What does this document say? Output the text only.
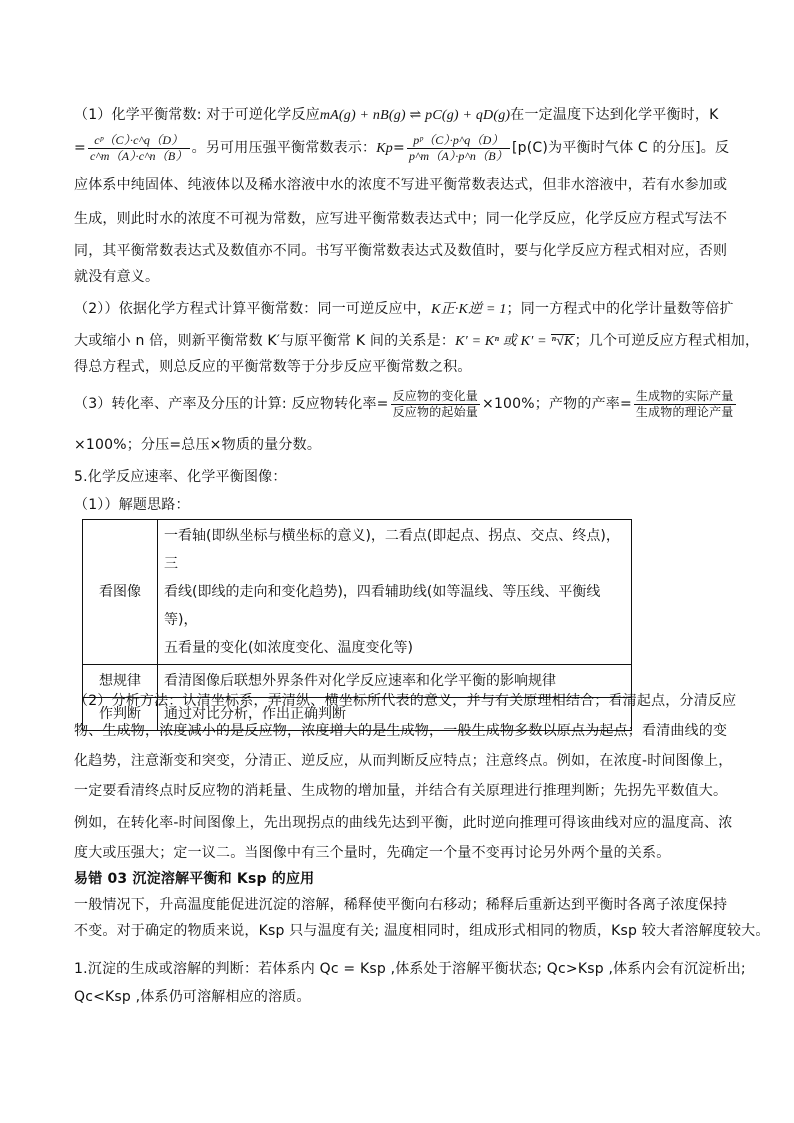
（1）化学平衡常数: 对于可逆化学反应mA(g) + nB(g) ⇌ pC(g) + qD(g)在一定温度下达到化学平衡时，K
= $\frac{\text{cᵖ（C）·c\textasciicircum{}q（D）}}{c\^{}m(A)\cdot c\^{}n(B)}$ 。另可用压强平衡常数表示：$Kp= \frac{\text{pᵖ（C）·p\textasciicircum{}q（D）}}{p\^{}m(A)\cdot p\^{}n(B)} [p(C)$为平衡时气体 C 的分压]。反
应体系中纯固体、纯液体以及稀水溶液中水的浓度不写进平衡常数表达式，但非水溶液中，若有水参加或
生成，则此时水的浓度不可视为常数，应写进平衡常数表达式中；同一化学反应，化学反应方程式写法不
同，其平衡常数表达式及数值亦不同。书写平衡常数表达式及数值时，要与化学反应方程式相对应，否则
就没有意义。
（2））依据化学方程式计算平衡常数：同一可逆反应中，K正·K逆 = 1；同一方程式中的化学计量数等倍扩
大或缩小 n 倍，则新平衡常数 K′与原平衡常 K 间的关系是：K′ = Kⁿ 或 K′ = ⁿ√K；几个可逆反应方程式相加，
得总方程式，则总反应的平衡常数等于分步反应平衡常数之积。
（3）转化率、产率及分压的计算: 反应物转化率= $\frac{\text{反应物的变化量}}{\text{反应物的起始量}} \times 100\%$；产物的产率= $\frac{\text{生成物的实际产量}}{\text{生成物的理论产量}}$
×100%；分压=总压×物质的量分数。
5.化学反应速率、化学平衡图像：
（1））解题思路：
看图像	一看轴(即纵坐标与横坐标的意义)，二看点(即起点、拐点、交点、终点)，三
看线(即线的走向和变化趋势)，四看辅助线(如等温线、等压线、平衡线等)，
五看量的变化(如浓度变化、温度变化等)

想规律	看清图像后联想外界条件对化学反应速率和化学平衡的影响规律
作判断	通过对比分析，作出正确判断
（2）分析方法：认清坐标系，弄清纵、横坐标所代表的意义，并与有关原理相结合；看清起点，分清反应
物、生成物，浓度减小的是反应物，浓度增大的是生成物，一般生成物多数以原点为起点；看清曲线的变
化趋势，注意渐变和突变，分清正、逆反应，从而判断反应特点；注意终点。例如，在浓度-时间图像上，
一定要看清终点时反应物的消耗量、生成物的增加量，并结合有关原理进行推理判断；先拐先平数值大。
例如，在转化率-时间图像上，先出现拐点的曲线先达到平衡，此时逆向推理可得该曲线对应的温度高、浓
度大或压强大；定一议二。当图像中有三个量时，先确定一个量不变再讨论另外两个量的关系。
易错 03 沉淀溶解平衡和 Ksp 的应用
一般情况下，升高温度能促进沉淀的溶解，稀释使平衡向右移动；稀释后重新达到平衡时各离子浓度保持
不变。对于确定的物质来说，Ksp 只与温度有关; 温度相同时，组成形式相同的物质，Ksp 较大者溶解度较大。
1.沉淀的生成或溶解的判断：若体系内 Qc = Ksp ,体系处于溶解平衡状态; Qc>Ksp ,体系内会有沉淀析出;
Qc<Ksp ,体系仍可溶解相应的溶质。
